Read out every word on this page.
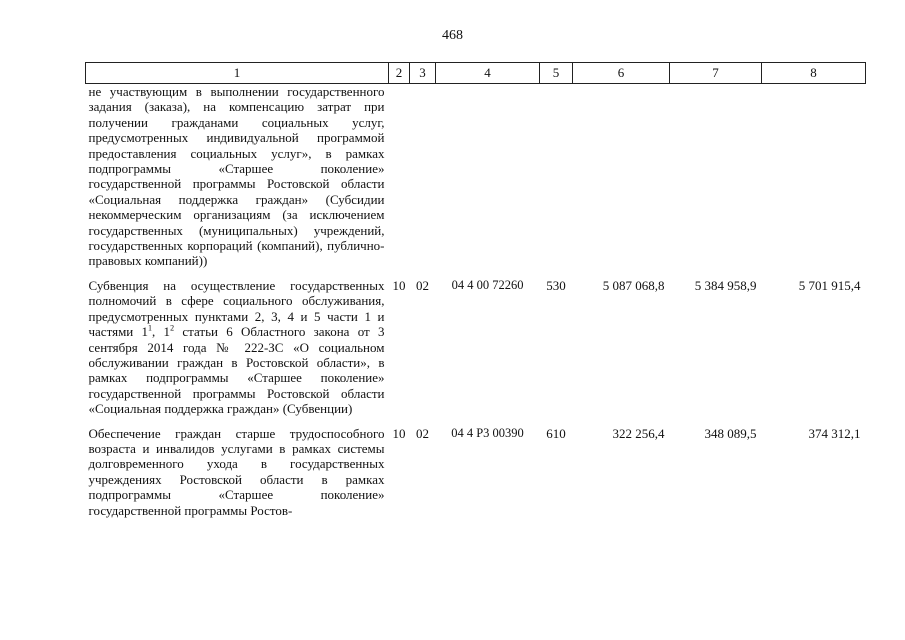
468
1	2	3	4	5	6	7	8
не участвующим в выполнении государственного задания (заказа), на компенсацию затрат при получении гражданами социальных услуг, предусмотренных индивидуальной программой предоставления социальных услуг», в рамках подпрограммы «Старшее поколение» государственной программы Ростовской области «Социальная поддержка граждан» (Субсидии некоммерческим организациям (за исключением государственных (муниципальных) учреждений, государственных корпораций (компаний), публично-правовых компаний))							

Субвенция на осуществление государственных полномочий в сфере социального обслуживания, предусмотренных пунктами 2, 3, 4 и 5 части 1 и частями $1^1$, $1^2$ статьи 6 Областного закона от 3 сентября 2014 года № 222-ЗС «О социальном обслуживании граждан в Ростовской области», в рамках подпрограммы «Старшее поколение» государственной программы Ростовской области «Социальная поддержка граждан» (Субвенции)	10	02	04 4 00 72260	530	5 087 068,8	5 384 958,9	5 701 915,4

Обеспечение граждан старше трудоспособного возраста и инвалидов услугами в рамках системы долговременного ухода в государственных учреждениях Ростовской области в рамках подпрограммы «Старшее поколение» государственной программы Ростов-	10	02	04 4 P3 00390	610	322 256,4	348 089,5	374 312,1
